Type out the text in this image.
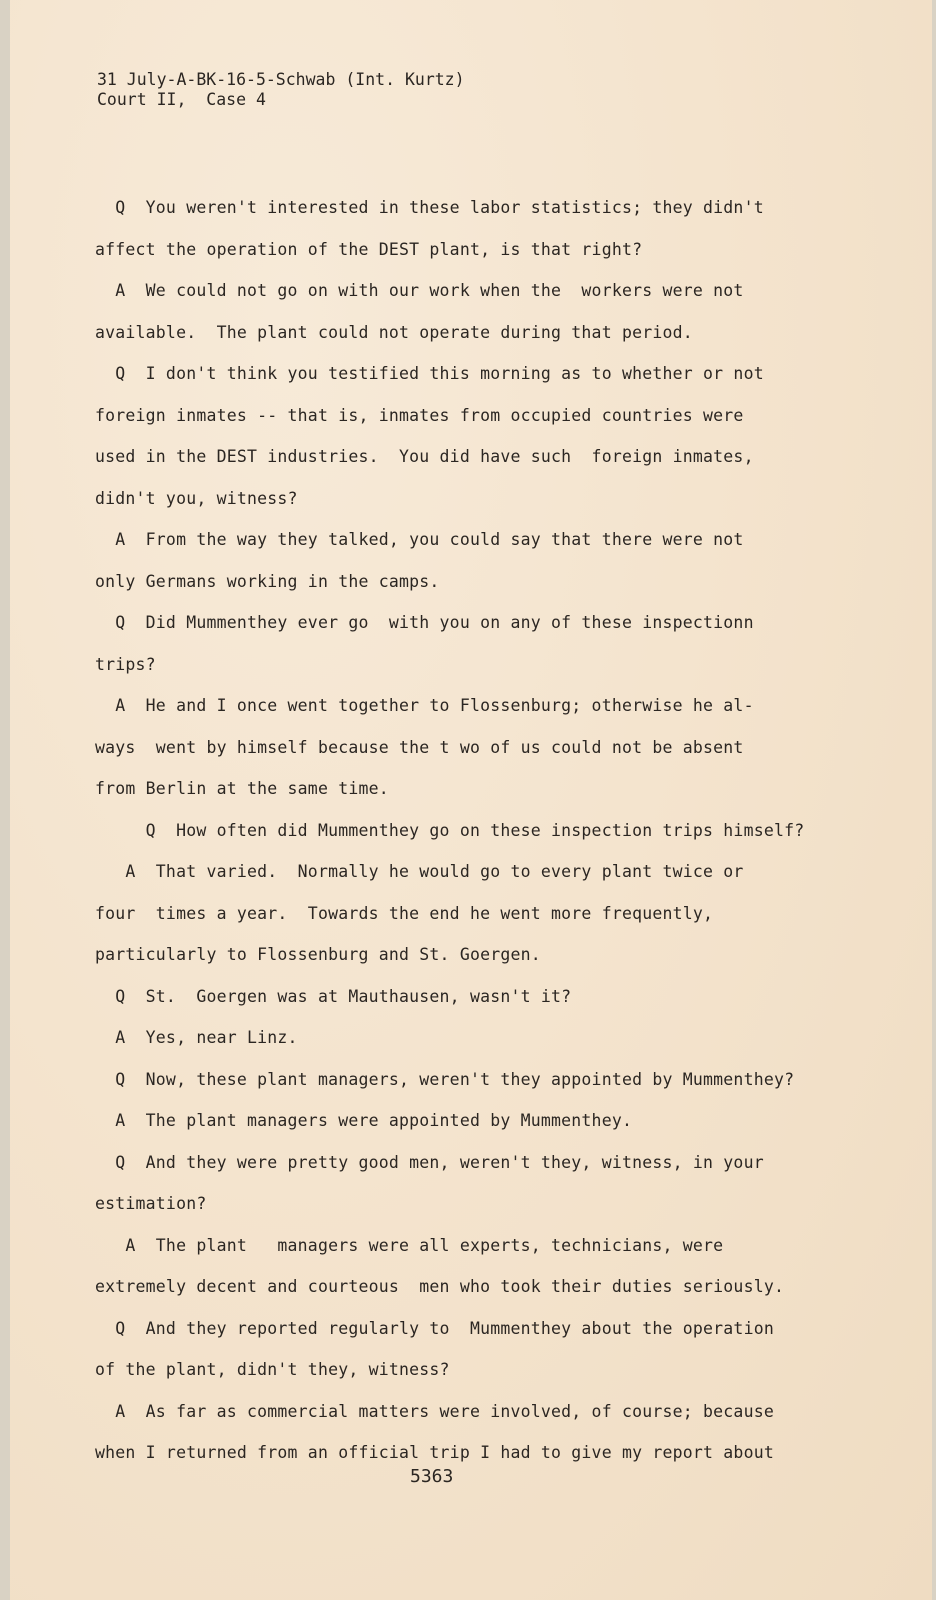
31 July-A-BK-16-5-Schwab (Int. Kurtz)
Court II,  Case 4
Q  You weren't interested in these labor statistics; they didn't
affect the operation of the DEST plant, is that right?
A  We could not go on with our work when the  workers were not
available.  The plant could not operate during that period.
Q  I don't think you testified this morning as to whether or not
foreign inmates -- that is, inmates from occupied countries were
used in the DEST industries.  You did have such  foreign inmates,
didn't you, witness?
A  From the way they talked, you could say that there were not
only Germans working in the camps.
Q  Did Mummenthey ever go  with you on any of these inspectionn
trips?
A  He and I once went together to Flossenburg; otherwise he al-
ways  went by himself because the t wo of us could not be absent
from Berlin at the same time.
Q  How often did Mummenthey go on these inspection trips himself?
A  That varied.  Normally he would go to every plant twice or
four  times a year.  Towards the end he went more frequently,
particularly to Flossenburg and St. Goergen.
Q  St.  Goergen was at Mauthausen, wasn't it?
A  Yes, near Linz.
Q  Now, these plant managers, weren't they appointed by Mummenthey?
A  The plant managers were appointed by Mummenthey.
Q  And they were pretty good men, weren't they, witness, in your
estimation?
A  The plant   managers were all experts, technicians, were
extremely decent and courteous  men who took their duties seriously.
Q  And they reported regularly to  Mummenthey about the operation
of the plant, didn't they, witness?
A  As far as commercial matters were involved, of course; because
when I returned from an official trip I had to give my report about
5363
